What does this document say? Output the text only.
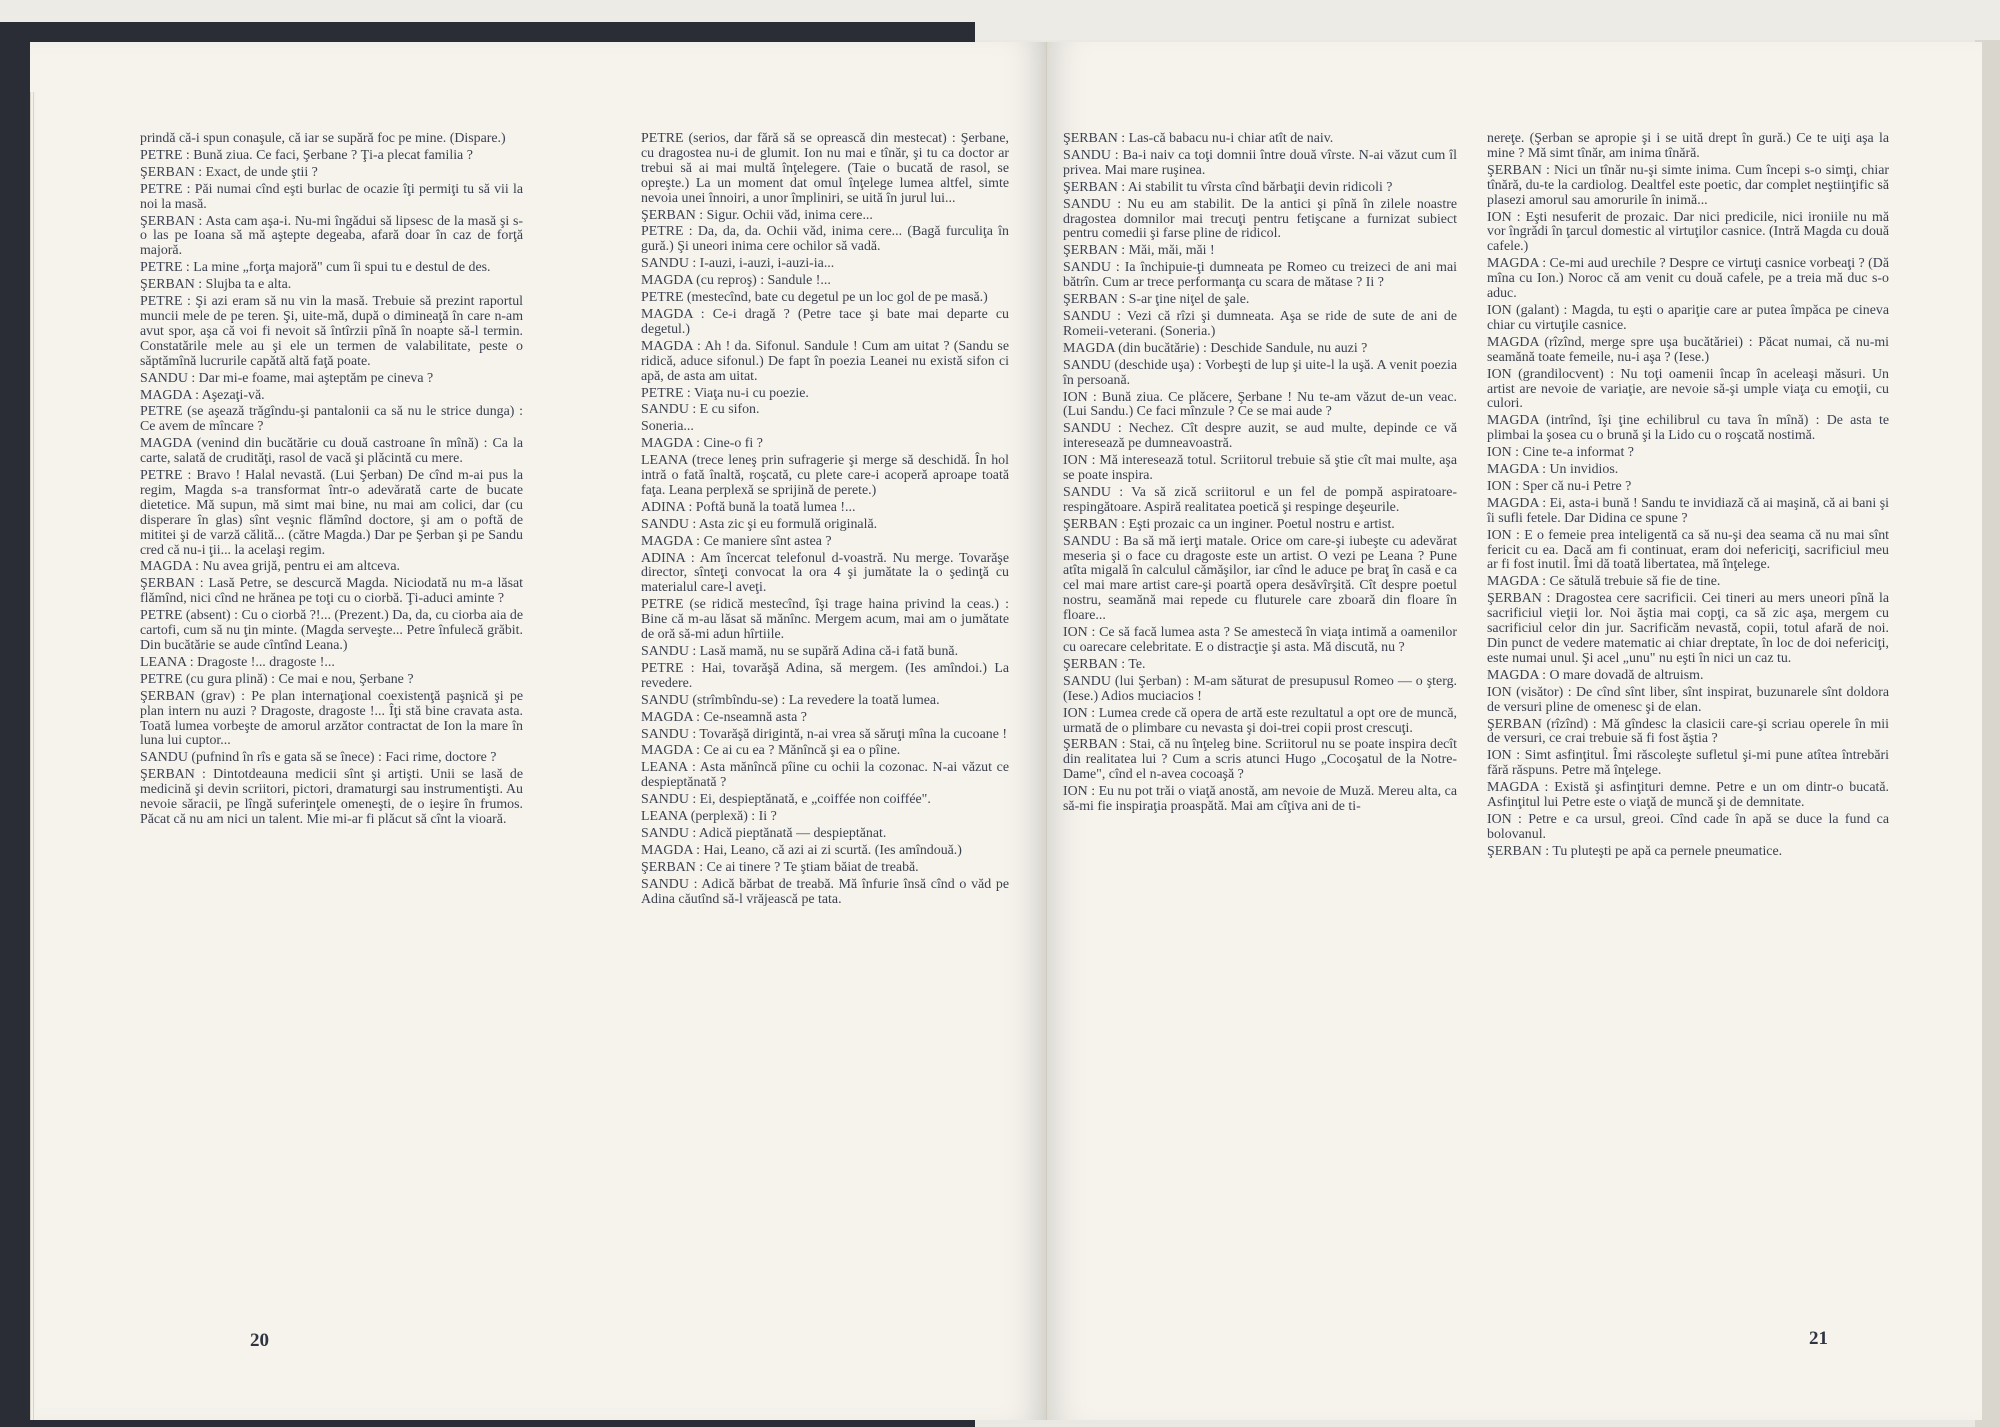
prindă că-i spun conaşule, că iar se supără foc pe mine. (Dispare.)

PETRE : Bună ziua. Ce faci, Şerbane ? Ţi-a plecat familia ?

ŞERBAN : Exact, de unde ştii ?

PETRE : Păi numai cînd eşti burlac de ocazie îţi permiţi tu să vii la noi la masă.

ŞERBAN : Asta cam aşa-i. Nu-mi îngădui să lipsesc de la masă şi s-o las pe Ioana să mă aştepte degeaba, afară doar în caz de forţă majoră.

PETRE : La mine „forţa majoră" cum îi spui tu e destul de des.

ŞERBAN : Slujba ta e alta.

PETRE : Şi azi eram să nu vin la masă. Trebuie să prezint raportul muncii mele de pe teren. Şi, uite-mă, după o dimineaţă în care n-am avut spor, aşa că voi fi nevoit să întîrzii pînă în noapte să-l termin. Constatările mele au şi ele un termen de valabilitate, peste o săptămînă lucrurile capătă altă faţă poate.

SANDU : Dar mi-e foame, mai aşteptăm pe cineva ?

MAGDA : Aşezaţi-vă.

PETRE (se aşează trăgîndu-şi pantalonii ca să nu le strice dunga) : Ce avem de mîncare ?

MAGDA (venind din bucătărie cu două castroane în mînă) : Ca la carte, salată de crudităţi, rasol de vacă şi plăcintă cu mere.

PETRE : Bravo ! Halal nevastă. (Lui Şerban) De cînd m-ai pus la regim, Magda s-a transformat într-o adevărată carte de bucate dietetice. Mă supun, mă simt mai bine, nu mai am colici, dar (cu disperare în glas) sînt veşnic flămînd doctore, şi am o poftă de mititei şi de varză călită... (către Magda.) Dar pe Şerban şi pe Sandu cred că nu-i ţii... la acelaşi regim.

MAGDA : Nu avea grijă, pentru ei am altceva.

ŞERBAN : Lasă Petre, se descurcă Magda. Niciodată nu m-a lăsat flămînd, nici cînd ne hrănea pe toţi cu o ciorbă. Ţi-aduci aminte ?

PETRE (absent) : Cu o ciorbă ?!... (Prezent.) Da, da, cu ciorba aia de cartofi, cum să nu ţin minte. (Magda serveşte... Petre înfulecă grăbit. Din bucătărie se aude cîntînd Leana.)

LEANA : Dragoste !... dragoste !...

PETRE (cu gura plină) : Ce mai e nou, Şerbane ?

ŞERBAN (grav) : Pe plan internaţional coexistenţă paşnică şi pe plan intern nu auzi ? Dragoste, dragoste !... Îţi stă bine cravata asta. Toată lumea vorbeşte de amorul arzător contractat de Ion la mare în luna lui cuptor...

SANDU (pufnind în rîs e gata să se înece) : Faci rime, doctore ?

ŞERBAN : Dintotdeauna medicii sînt şi artişti. Unii se lasă de medicină şi devin scriitori, pictori, dramaturgi sau instrumentişti. Au nevoie săracii, pe lîngă suferinţele omeneşti, de o ieşire în frumos. Păcat că nu am nici un talent. Mie mi-ar fi plăcut să cînt la vioară.

PETRE (serios, dar fără să se oprească din mestecat) : Şerbane, cu dragostea nu-i de glumit. Ion nu mai e tînăr, şi tu ca doctor ar trebui să ai mai multă înţelegere. (Taie o bucată de rasol, se opreşte.) La un moment dat omul înţelege lumea altfel, simte nevoia unei înnoiri, a unor împliniri, se uită în jurul lui...

ŞERBAN : Sigur. Ochii văd, inima cere...

PETRE : Da, da, da. Ochii văd, inima cere... (Bagă furculiţa în gură.) Şi uneori inima cere ochilor să vadă.

SANDU : I-auzi, i-auzi, i-auzi-ia...

MAGDA (cu reproş) : Sandule !...

PETRE (mestecînd, bate cu degetul pe un loc gol de pe masă.)

MAGDA : Ce-i dragă ? (Petre tace şi bate mai departe cu degetul.)

MAGDA : Ah ! da. Sifonul. Sandule ! Cum am uitat ? (Sandu se ridică, aduce sifonul.) De fapt în poezia Leanei nu există sifon ci apă, de asta am uitat.

PETRE : Viaţa nu-i cu poezie.

SANDU : E cu sifon.

Soneria...

MAGDA : Cine-o fi ?

LEANA (trece leneş prin sufragerie şi merge să deschidă. În hol intră o fată înaltă, roşcată, cu plete care-i acoperă aproape toată faţa. Leana perplexă se sprijină de perete.)

ADINA : Poftă bună la toată lumea !...

SANDU : Asta zic şi eu formulă originală.

MAGDA : Ce maniere sînt astea ?

ADINA : Am încercat telefonul d-voastră. Nu merge. Tovarăşe director, sînteţi convocat la ora 4 şi jumătate la o şedinţă cu materialul care-l aveţi.

PETRE (se ridică mestecînd, îşi trage haina privind la ceas.) : Bine că m-au lăsat să mănînc. Mergem acum, mai am o jumătate de oră să-mi adun hîrtiile.

SANDU : Lasă mamă, nu se supără Adina că-i fată bună.

PETRE : Hai, tovarăşă Adina, să mergem. (Ies amîndoi.) La revedere.

SANDU (strîmbîndu-se) : La revedere la toată lumea.

MAGDA : Ce-nseamnă asta ?

SANDU : Tovarăşă dirigintă, n-ai vrea să săruţi mîna la cucoane !

MAGDA : Ce ai cu ea ? Mănîncă şi ea o pîine.

LEANA : Asta mănîncă pîine cu ochii la cozonac. N-ai văzut ce despieptănată ?

SANDU : Ei, despieptănată, e „coiffée non coiffée".

LEANA (perplexă) : Ii ?

SANDU : Adică pieptănată — despieptănat.

MAGDA : Hai, Leano, că azi ai zi scurtă. (Ies amîndouă.)

ŞERBAN : Ce ai tinere ? Te ştiam băiat de treabă.

SANDU : Adică bărbat de treabă. Mă înfurie însă cînd o văd pe Adina căutînd să-l vrăjească pe tata.

20

ŞERBAN : Las-că babacu nu-i chiar atît de naiv.

SANDU : Ba-i naiv ca toţi domnii între două vîrste. N-ai văzut cum îl privea. Mai mare ruşinea.

ŞERBAN : Ai stabilit tu vîrsta cînd bărbaţii devin ridicoli ?

SANDU : Nu eu am stabilit. De la antici şi pînă în zilele noastre dragostea domnilor mai trecuţi pentru fetişcane a furnizat subiect pentru comedii şi farse pline de ridicol.

ŞERBAN : Măi, măi, măi !

SANDU : Ia închipuie-ţi dumneata pe Romeo cu treizeci de ani mai bătrîn. Cum ar trece performanţa cu scara de mătase ? Ii ?

ŞERBAN : S-ar ţine niţel de şale.

SANDU : Vezi că rîzi şi dumneata. Aşa se ride de sute de ani de Romeii-veterani. (Soneria.)

MAGDA (din bucătărie) : Deschide Sandule, nu auzi ?

SANDU (deschide uşa) : Vorbeşti de lup şi uite-l la uşă. A venit poezia în persoană.

ION : Bună ziua. Ce plăcere, Şerbane ! Nu te-am văzut de-un veac. (Lui Sandu.) Ce faci mînzule ? Ce se mai aude ?

SANDU : Nechez. Cît despre auzit, se aud multe, depinde ce vă interesează pe dumneavoastră.

ION : Mă interesează totul. Scriitorul trebuie să ştie cît mai multe, aşa se poate inspira.

SANDU : Va să zică scriitorul e un fel de pompă aspiratoare-respingătoare. Aspiră realitatea poetică şi respinge deşeurile.

ŞERBAN : Eşti prozaic ca un inginer. Poetul nostru e artist.

SANDU : Ba să mă ierţi matale. Orice om care-şi iubeşte cu adevărat meseria şi o face cu dragoste este un artist. O vezi pe Leana ? Pune atîta migală în calculul cămăşilor, iar cînd le aduce pe braţ în casă e ca cel mai mare artist care-şi poartă opera desăvîrşită. Cît despre poetul nostru, seamănă mai repede cu fluturele care zboară din floare în floare...

ION : Ce să facă lumea asta ? Se amestecă în viaţa intimă a oamenilor cu oarecare celebritate. E o distracţie şi asta. Mă discută, nu ?

ŞERBAN : Te.

SANDU (lui Şerban) : M-am săturat de presupusul Romeo — o şterg. (Iese.) Adios muciacios !

ION : Lumea crede că opera de artă este rezultatul a opt ore de muncă, urmată de o plimbare cu nevasta şi doi-trei copii prost crescuţi.

ŞERBAN : Stai, că nu înţeleg bine. Scriitorul nu se poate inspira decît din realitatea lui ? Cum a scris atunci Hugo „Cocoşatul de la Notre-Dame", cînd el n-avea cocoaşă ?

ION : Eu nu pot trăi o viaţă anostă, am nevoie de Muză. Mereu alta, ca să-mi fie inspiraţia proaspătă. Mai am cîţiva ani de ti-

nereţe. (Şerban se apropie şi i se uită drept în gură.) Ce te uiţi aşa la mine ? Mă simt tînăr, am inima tînără.

ŞERBAN : Nici un tînăr nu-şi simte inima. Cum începi s-o simţi, chiar tînără, du-te la cardiolog. Dealtfel este poetic, dar complet neştiinţific să plasezi amorul sau amorurile în inimă...

ION : Eşti nesuferit de prozaic. Dar nici predicile, nici ironiile nu mă vor îngrădi în ţarcul domestic al virtuţilor casnice. (Intră Magda cu două cafele.)

MAGDA : Ce-mi aud urechile ? Despre ce virtuţi casnice vorbeaţi ? (Dă mîna cu Ion.) Noroc că am venit cu două cafele, pe a treia mă duc s-o aduc.

ION (galant) : Magda, tu eşti o apariţie care ar putea împăca pe cineva chiar cu virtuţile casnice.

MAGDA (rîzînd, merge spre uşa bucătăriei) : Păcat numai, că nu-mi seamănă toate femeile, nu-i aşa ? (Iese.)

ION (grandilocvent) : Nu toţi oamenii încap în aceleaşi măsuri. Un artist are nevoie de variaţie, are nevoie să-şi umple viaţa cu emoţii, cu culori.

MAGDA (intrînd, îşi ţine echilibrul cu tava în mînă) : De asta te plimbai la şosea cu o brună şi la Lido cu o roşcată nostimă.

ION : Cine te-a informat ?

MAGDA : Un invidios.

ION : Sper că nu-i Petre ?

MAGDA : Ei, asta-i bună ! Sandu te invidiază că ai maşină, că ai bani şi îi sufli fetele. Dar Didina ce spune ?

ION : E o femeie prea inteligentă ca să nu-şi dea seama că nu mai sînt fericit cu ea. Dacă am fi continuat, eram doi nefericiţi, sacrificiul meu ar fi fost inutil. Îmi dă toată libertatea, mă înţelege.

MAGDA : Ce sătulă trebuie să fie de tine.

ŞERBAN : Dragostea cere sacrificii. Cei tineri au mers uneori pînă la sacrificiul vieţii lor. Noi ăştia mai copţi, ca să zic aşa, mergem cu sacrificiul celor din jur. Sacrificăm nevastă, copii, totul afară de noi. Din punct de vedere matematic ai chiar dreptate, în loc de doi nefericiţi, este numai unul. Şi acel „unu" nu eşti în nici un caz tu.

MAGDA : O mare dovadă de altruism.

ION (visător) : De cînd sînt liber, sînt inspirat, buzunarele sînt doldora de versuri pline de omenesc şi de elan.

ŞERBAN (rîzînd) : Mă gîndesc la clasicii care-şi scriau operele în mii de versuri, ce crai trebuie să fi fost ăştia ?

ION : Simt asfinţitul. Îmi răscoleşte sufletul şi-mi pune atîtea întrebări fără răspuns. Petre mă înţelege.

MAGDA : Există şi asfinţituri demne. Petre e un om dintr-o bucată. Asfinţitul lui Petre este o viaţă de muncă şi de demnitate.

ION : Petre e ca ursul, greoi. Cînd cade în apă se duce la fund ca bolovanul.

ŞERBAN : Tu pluteşti pe apă ca pernele pneumatice.

21
